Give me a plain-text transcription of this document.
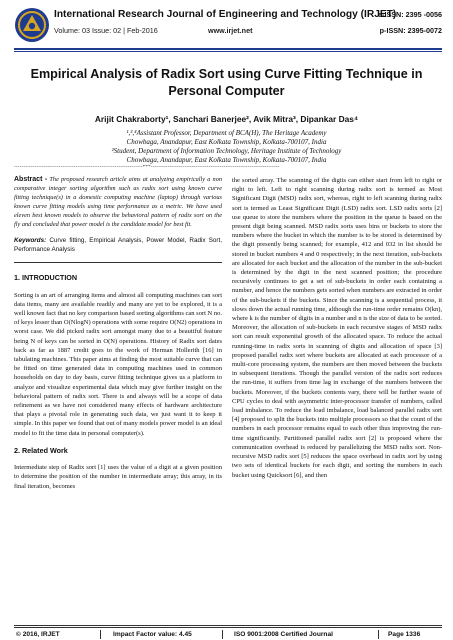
International Research Journal of Engineering and Technology (IRJET)
Volume: 03 Issue: 02 | Feb-2016	www.irjet.net
e-ISSN: 2395 -0056
p-ISSN: 2395-0072
Empirical Analysis of Radix Sort using Curve Fitting Technique in Personal Computer
Arijit Chakraborty¹, Sanchari Banerjee², Avik Mitra³, Dipankar Das⁴
¹,³,⁴Assistant Professor, Department of BCA(H), The Heritage Academy
Chowbaga, Anandapur, East Kolkata Township, Kolkata-700107, India
²Student, Department of Information Technology, Heritage Institute of Technology
Chowbaga, Anandapur, East Kolkata Township, Kolkata-700107, India
---------------------------------------------------------------------***---------------------------------------------------------------------

Abstract - The proposed research article aims at analyzing empirically a non comparative integer sorting algorithm such as radix sort using known curve fitting technique(s) in a domestic computing machine (laptop) through various known curve fitting models using time performance as a metric. We have used eleven best known models to observe the behavioral pattern of radix sort on the fly and concluded that power model is the candidate model for best fit.

Keywords: Curve fitting, Empirical Analysis, Power Model, Radix Sort, Performance Analysis

1. INTRODUCTION

Sorting is an art of arranging items and almost all computing machines can sort data items, many are available readily and many are yet to be explored, it is a well known fact that no key comparison based sorting algorithms can sort N no. of keys lesser than O(NlogN) operations with some require O(N2) operations in worst case. We did picked radix sort amongst many due to a beautiful feature being N of keys can be sorted in O(N) operations. History of Radix sort dates back as far as 1887 credit goes to the work of Herman Hollerith [16] in tabulating machines. This paper aims at finding the most suitable curve that can be fitted on time generated data in computing machines used in common households on day to day basis, curve fitting technique gives us a platform to analyze and visualize experimental data which may give further insight on the behavioral pattern of radix sort. There is and always will be a scope of data refinement as we have not considered many effects of hardware architecture that plays a pivotal role in generating such data, we just want it to keep it simple. In this paper we found that out of many models power model is an ideal model to fit the time data in personal computer(s).

2. Related Work

Intermediate step of Radix sort [1] uses the value of a digit at a given position to determine the position of the number in intermediate array; this array, in its final iteration, becomes

the sorted array. The scanning of the digits can either start from left to right or right to left. Left to right scanning during radix sort is termed as Most Significant Digit (MSD) radix sort, whereas, right to left scanning during radix sort is termed as Least Significant Digit (LSD) radix sort. LSD radix sorts [2] use queue to store the numbers where the position in the queue is based on the present digit being scanned. MSD radix sorts uses bins or buckets to store the numbers where the bucket in which the number is to be stored is determined by the digit presently being scanned; for example, 412 and 032 in list should be stored in bucket numbers 4 and 0 respectively; in the next iteration, sub-buckets are allocated for each bucket and the allocation of the number in the sub-bucket is determined by the digit in the next scanned position; the procedure recursively continues to get a set of sub-buckets in order each containing a number, and hence the numbers gets sorted when numbers are extracted in order of the sub-buckets if the buckets. Since the scanning is a sequential process, it slows down the actual running time, although the run-time order remains O(kn), where k is the number of digits in a number and n is the size of data to be sorted. Moreover, the allocation of sub-buckets in each recursive stages of MSD radix sort can result exponential growth of the allocated space. To reduce the actual running-time in radix sorts in scanning of digits and allocation of space [3] proposed parallel radix sort where buckets are allocated at each processor of a multi-core processing system, the numbers are then moved between the buckets in subsequent iterations. Though the parallel version of the radix sort reduces the run-time, it suffers from time lag in exchange of the numbers between the buckets. Moreover, if the buckets contents vary, there will be further waste of CPU cycles to deal with asymmetric inter-processor transfer of numbers, called load imbalance. To reduce the load imbalance, load balanced parallel radix sort [4] proposed to split the buckets into multiple processors so that the count of the numbers in each processor remains equal to each other thus improving the run-time significantly. Partitioned parallel radix sort [2] is proposed where the communication overhead is reduced by parallelizing the MSD radix sort. Non-recursive MSD radix sort [5] reduces the space overhead in radix sort by using two sets of identical buckets for each digit, and sorting the numbers in each bucket using Quicksort [6], and then

© 2016, IRJET	Impact Factor value: 4.45	ISO 9001:2008 Certified Journal	Page 1336
